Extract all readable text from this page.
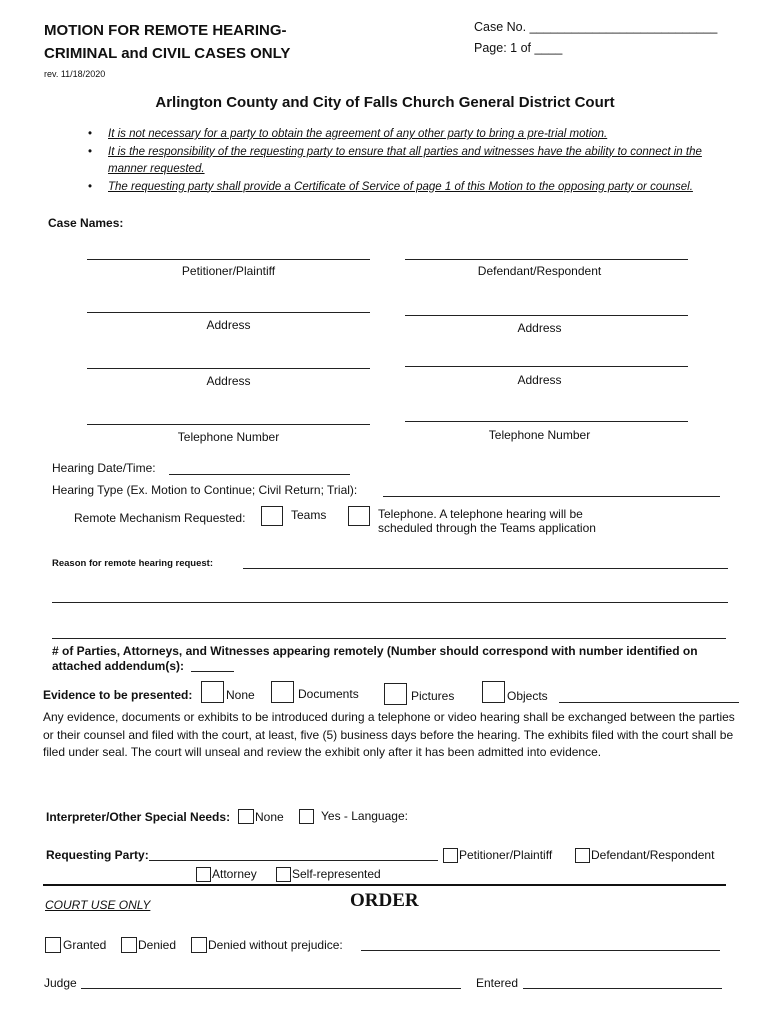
MOTION FOR REMOTE HEARING-
CRIMINAL and CIVIL CASES ONLY
rev. 11/18/2020
Case No. ___________________________
Page: 1 of ____
Arlington County and City of Falls Church General District Court
• It is not necessary for a party to obtain the agreement of any other party to bring a pre-trial motion.
• It is the responsibility of the requesting party to ensure that all parties and witnesses have the ability to connect in the manner requested.
• The requesting party shall provide a Certificate of Service of page 1 of this Motion to the opposing party or counsel.
Case Names:
Petitioner/Plaintiff
Address
Address
Telephone Number
Defendant/Respondent
Address
Address
Telephone Number
Hearing Date/Time:
Hearing Type (Ex. Motion to Continue; Civil Return; Trial):
Remote Mechanism Requested:	Teams	Telephone. A telephone hearing will be
scheduled through the Teams application
Reason for remote hearing request:
# of Parties, Attorneys, and Witnesses appearing remotely (Number should correspond with number identified on
attached addendum(s):
Evidence to be presented:	None	Documents	Pictures	Objects
Any evidence, documents or exhibits to be introduced during a telephone or video hearing shall be exchanged between the parties or their counsel and filed with the court, at least, five (5) business days before the hearing. The exhibits filed with the court shall be filed under seal. The court will unseal and review the exhibit only after it has been admitted into evidence.
Interpreter/Other Special Needs: None	Yes - Language:
Requesting Party:	Petitioner/Plaintiff	Defendant/Respondent
Attorney	Self-represented
COURT USE ONLY	ORDER
Granted	Denied	Denied without prejudice:
Judge	Entered
